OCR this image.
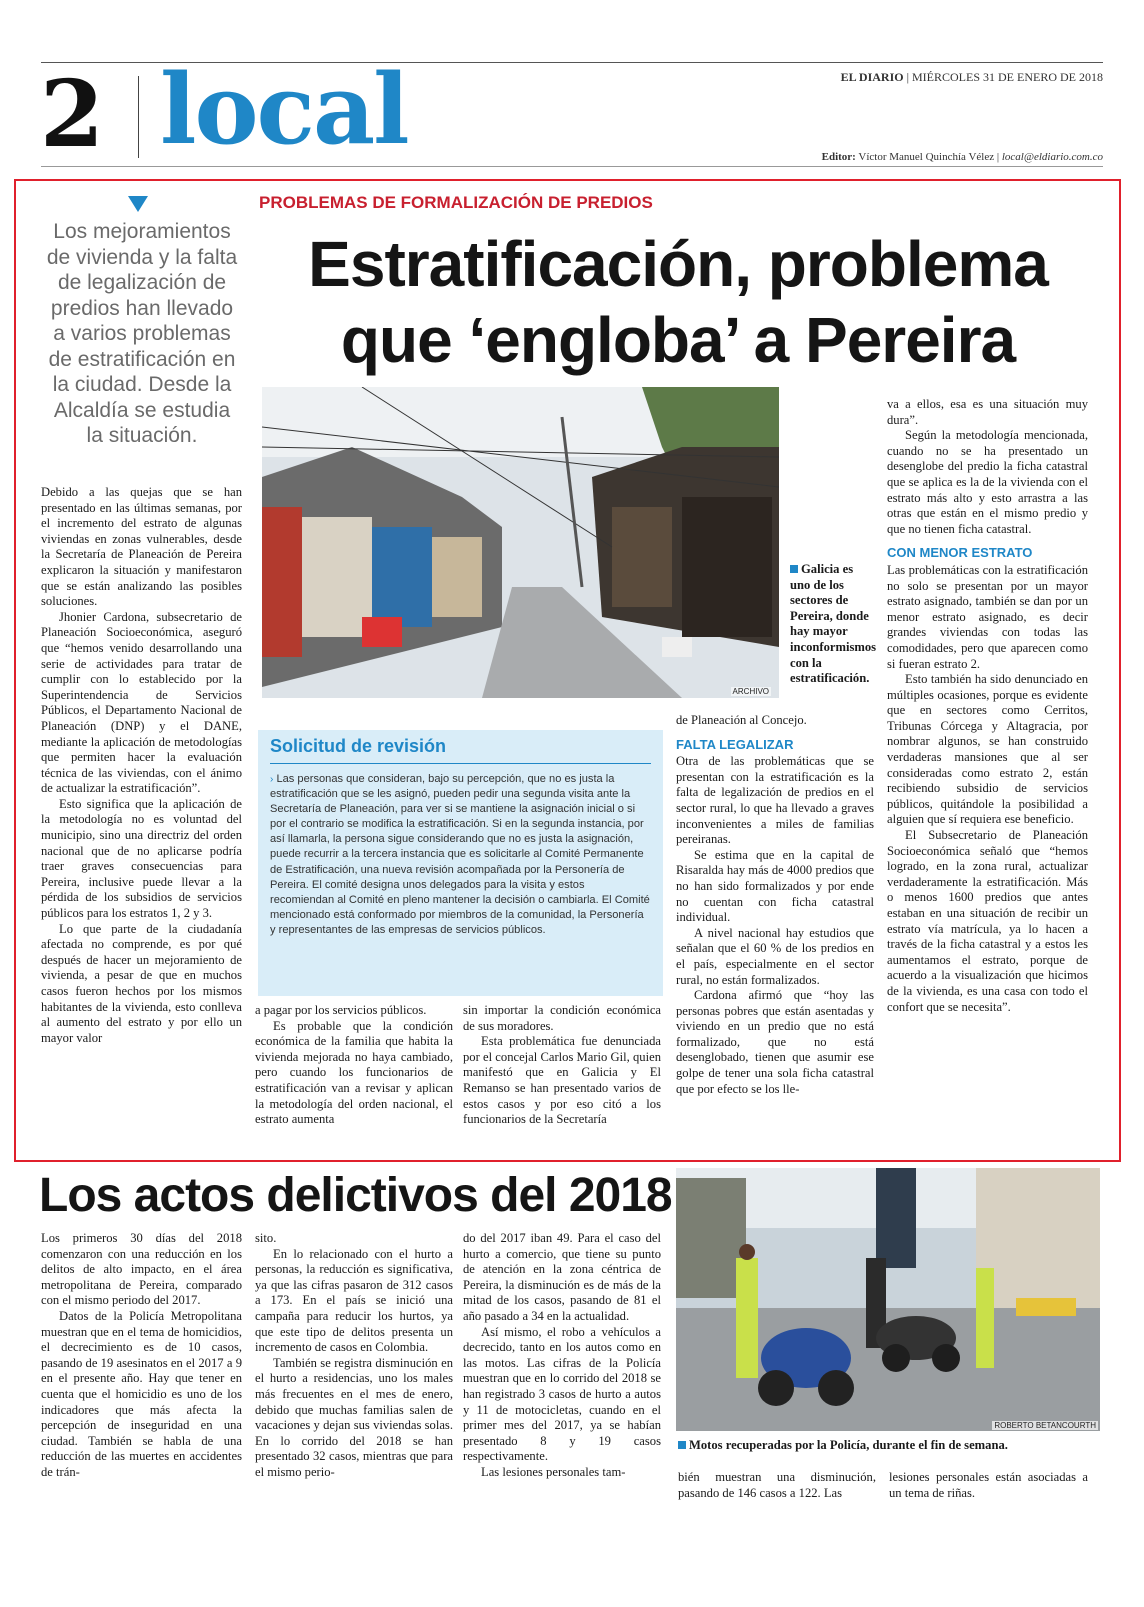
2 local	EL DIARIO | MIÉRCOLES 31 DE ENERO DE 2018
Editor: Víctor Manuel Quinchía Vélez | local@eldiario.com.co
Los mejoramientos de vivienda y la falta de legalización de predios han llevado a varios problemas de estratificación en la ciudad. Desde la Alcaldía se estudia la situación.
PROBLEMAS DE FORMALIZACIÓN DE PREDIOS
Estratificación, problema
que ‘engloba’ a Pereira
ARCHIVO
Galicia es uno de los sectores de Pereira, donde hay mayor inconformismos con la estratificación.
Solicitud de revisión
› Las personas que consideran, bajo su percepción, que no es justa la estratificación que se les asignó, pueden pedir una segunda visita ante la Secretaría de Planeación, para ver si se mantiene la asignación inicial o si por el contrario se modifica la estratificación. Si en la segunda instancia, por así llamarla, la persona sigue considerando que no es justa la asignación, puede recurrir a la tercera instancia que es solicitarle al Comité Permanente de Estratificación, una nueva revisión acompañada por la Personería de Pereira. El comité designa unos delegados para la visita y estos recomiendan al Comité en pleno mantener la decisión o cambiarla. El Comité mencionado está conformado por miembros de la comunidad, la Personería y representantes de las empresas de servicios públicos.

Debido a las quejas que se han presentado en las últimas semanas, por el incremento del estrato de algunas viviendas en zonas vulnerables, desde la Secretaría de Planeación de Pereira explicaron la situación y manifestaron que se están analizando las posibles soluciones.

Jhonier Cardona, subsecretario de Planeación Socioeconómica, aseguró que “hemos venido desarrollando una serie de actividades para tratar de cumplir con lo establecido por la Superintendencia de Servicios Públicos, el Departamento Nacional de Planeación (DNP) y el DANE, mediante la aplicación de metodologías que permiten hacer la evaluación técnica de las viviendas, con el ánimo de actualizar la estratificación”.

Esto significa que la aplicación de la metodología no es voluntad del municipio, sino una directriz del orden nacional que de no aplicarse podría traer graves consecuencias para Pereira, inclusive puede llevar a la pérdida de los subsidios de servicios públicos para los estratos 1, 2 y 3.

Lo que parte de la ciudadanía afectada no comprende, es por qué después de hacer un mejoramiento de vivienda, a pesar de que en muchos casos fueron hechos por los mismos habitantes de la vivienda, esto conlleva al aumento del estrato y por ello un mayor valor

a pagar por los servicios públicos.

Es probable que la condición económica de la familia que habita la vivienda mejorada no haya cambiado, pero cuando los funcionarios de estratificación van a revisar y aplican la metodología del orden nacional, el estrato aumenta

sin importar la condición económica de sus moradores.

Esta problemática fue denunciada por el concejal Carlos Mario Gil, quien manifestó que en Galicia y El Remanso se han presentado varios de estos casos y por eso citó a los funcionarios de la Secretaría

de Planeación al Concejo.

FALTA LEGALIZAR

Otra de las problemáticas que se presentan con la estratificación es la falta de legalización de predios en el sector rural, lo que ha llevado a graves inconvenientes a miles de familias pereiranas.

Se estima que en la capital de Risaralda hay más de 4000 predios que no han sido formalizados y por ende no cuentan con ficha catastral individual.

A nivel nacional hay estudios que señalan que el 60 % de los predios en el país, especialmente en el sector rural, no están formalizados.

Cardona afirmó que “hoy las personas pobres que están asentadas y viviendo en un predio que no está formalizado, que no está desenglobado, tienen que asumir ese golpe de tener una sola ficha catastral que por efecto se los lle-

va a ellos, esa es una situación muy dura”.

Según la metodología mencionada, cuando no se ha presentado un desenglobe del predio la ficha catastral que se aplica es la de la vivienda con el estrato más alto y esto arrastra a las otras que están en el mismo predio y que no tienen ficha catastral.

CON MENOR ESTRATO

Las problemáticas con la estratificación no solo se presentan por un mayor estrato asignado, también se dan por un menor estrato asignado, es decir grandes viviendas con todas las comodidades, pero que aparecen como si fueran estrato 2.

Esto también ha sido denunciado en múltiples ocasiones, porque es evidente que en sectores como Cerritos, Tribunas Córcega y Altagracia, por nombrar algunos, se han construido verdaderas mansiones que al ser consideradas como estrato 2, están recibiendo subsidio de servicios públicos, quitándole la posibilidad a alguien que sí requiera ese beneficio.

El Subsecretario de Planeación Socioeconómica señaló que “hemos logrado, en la zona rural, actualizar verdaderamente la estratificación. Más o menos 1600 predios que antes estaban en una situación de recibir un estrato vía matrícula, ya lo hacen a través de la ficha catastral y a estos les aumentamos el estrato, porque de acuerdo a la visualización que hicimos de la vivienda, es una casa con todo el confort que se necesita”.

Los actos delictivos del 2018
ROBERTO BETANCOURTH
Motos recuperadas por la Policía, durante el fin de semana.

Los primeros 30 días del 2018 comenzaron con una reducción en los delitos de alto impacto, en el área metropolitana de Pereira, comparado con el mismo periodo del 2017.

Datos de la Policía Metropolitana muestran que en el tema de homicidios, el decrecimiento es de 10 casos, pasando de 19 asesinatos en el 2017 a 9 en el presente año. Hay que tener en cuenta que el homicidio es uno de los indicadores que más afecta la percepción de inseguridad en una ciudad. También se habla de una reducción de las muertes en accidentes de trán-

sito.

En lo relacionado con el hurto a personas, la reducción es significativa, ya que las cifras pasaron de 312 casos a 173. En el país se inició una campaña para reducir los hurtos, ya que este tipo de delitos presenta un incremento de casos en Colombia.

También se registra disminución en el hurto a residencias, uno los males más frecuentes en el mes de enero, debido que muchas familias salen de vacaciones y dejan sus viviendas solas. En lo corrido del 2018 se han presentado 32 casos, mientras que para el mismo perio-

do del 2017 iban 49. Para el caso del hurto a comercio, que tiene su punto de atención en la zona céntrica de Pereira, la disminución es de más de la mitad de los casos, pasando de 81 el año pasado a 34 en la actualidad.

Así mismo, el robo a vehículos a decrecido, tanto en los autos como en las motos. Las cifras de la Policía muestran que en lo corrido del 2018 se han registrado 3 casos de hurto a autos y 11 de motocicletas, cuando en el primer mes del 2017, ya se habían presentado 8 y 19 casos respectivamente.

Las lesiones personales tam-	bién muestran una disminución, pasando de 146 casos a 122. Las

lesiones personales están asociadas a un tema de riñas.
